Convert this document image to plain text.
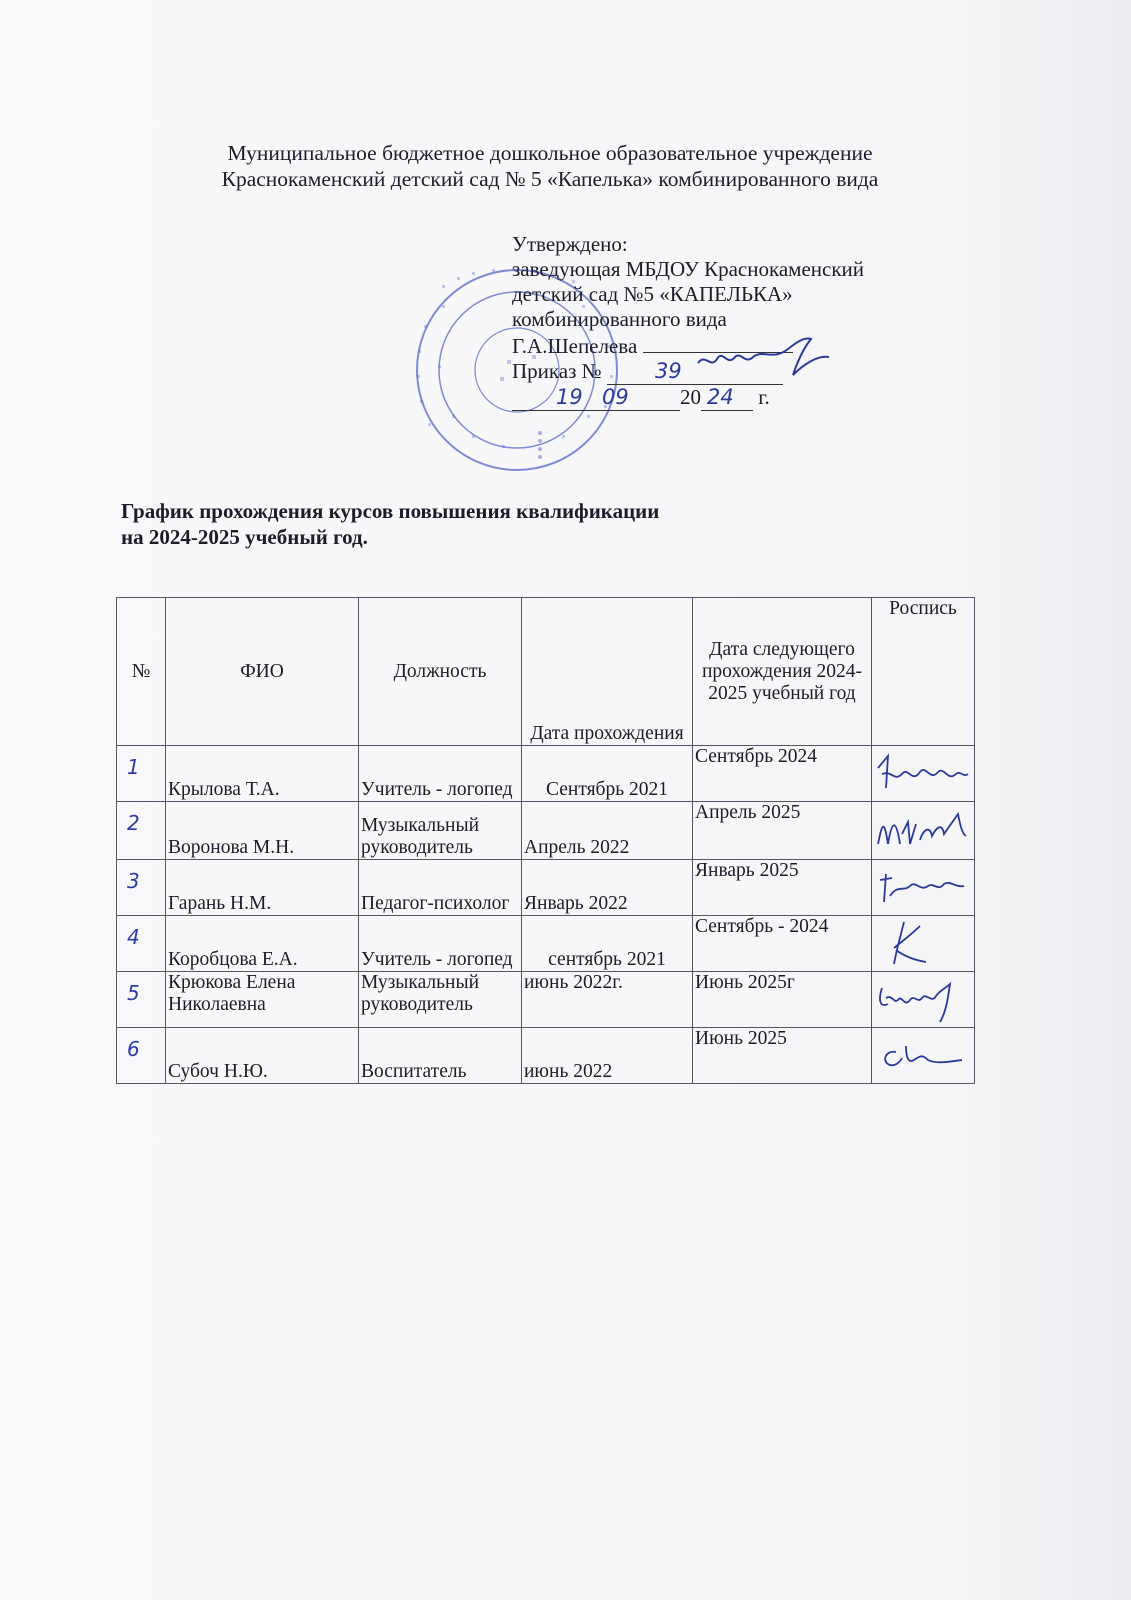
Муниципальное бюджетное дошкольное образовательное учреждение
Краснокаменский детский сад № 5 «Капелька» комбинированного вида
Утверждено:
заведующая МБДОУ Краснокаменский
детский сад №5 «КАПЕЛЬКА»
комбинированного вида
Г.А.Шепелева
Приказ №	39
19 09 20 24 г.
График прохождения курсов повышения квалификации
на 2024-2025 учебный год.
№	ФИО	Должность	Дата прохождения	Дата следующего прохождения 2024-2025 учебный год	Роспись
1	Крылова Т.А.	Учитель - логопед	Сентябрь 2021	Сентябрь 2024	

2	Воронова М.Н.	Музыкальный руководитель	Апрель 2022	Апрель 2025	

3	Гарань Н.М.	Педагог-психолог	Январь 2022	Январь 2025	

4	Коробцова Е.А.	Учитель - логопед	сентябрь 2021	Сентябрь - 2024	

5	Крюкова Елена Николаевна	Музыкальный руководитель	июнь 2022г.	Июнь 2025г	

6	Субоч Н.Ю.	Воспитатель	июнь 2022	Июнь 2025	
